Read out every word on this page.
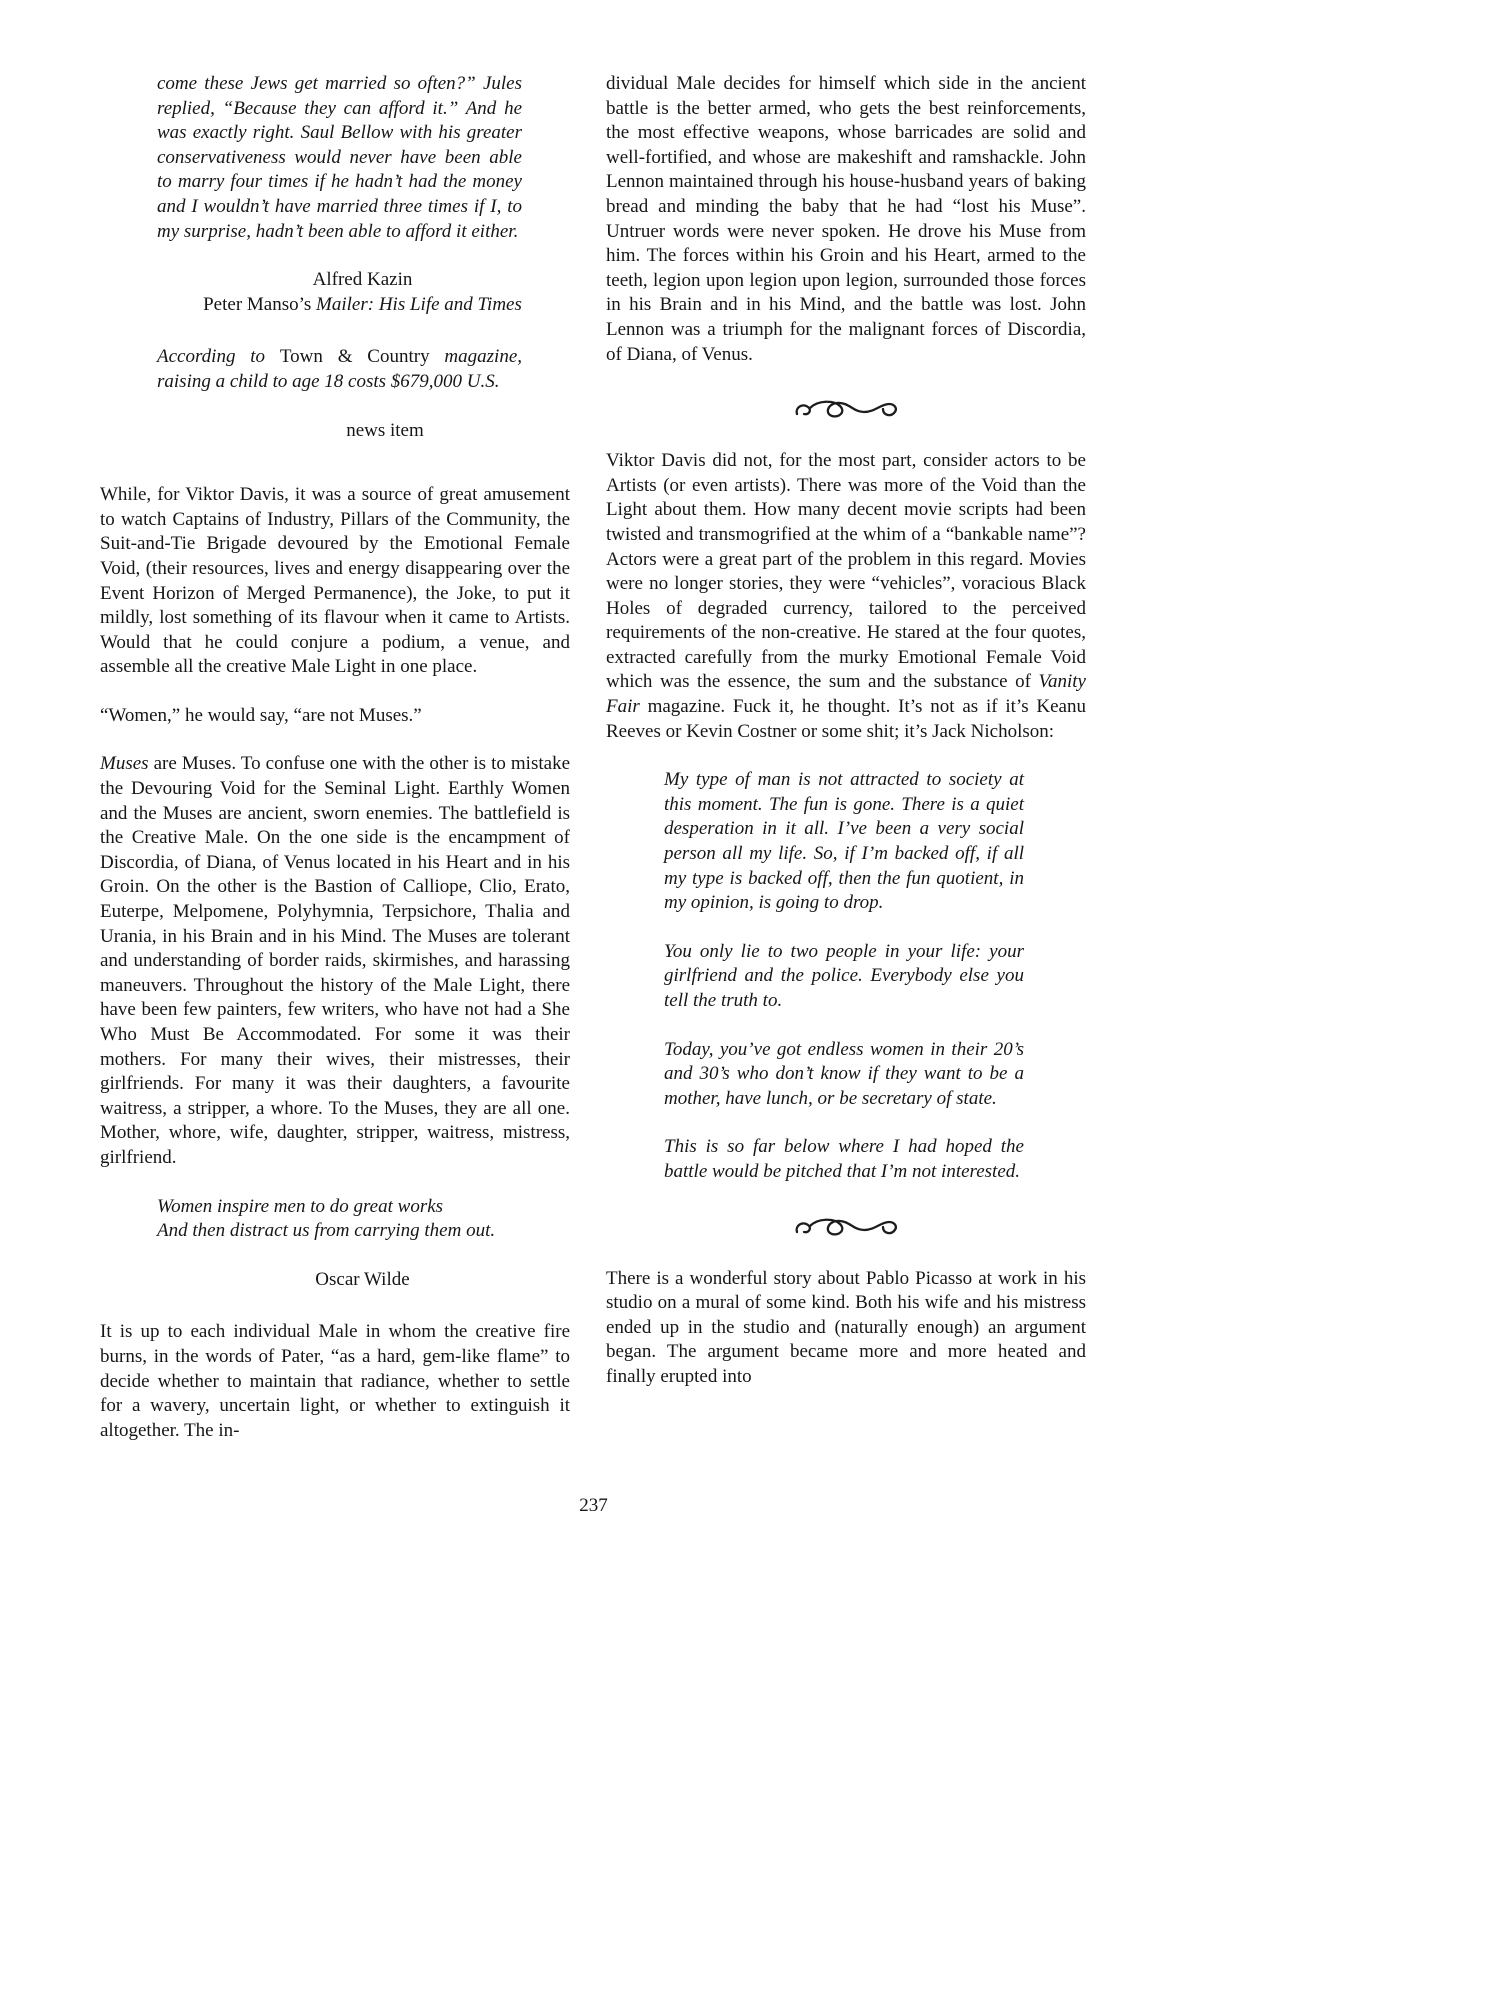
come these Jews get married so often?” Jules replied, “Because they can afford it.” And he was exactly right. Saul Bellow with his greater conservativeness would never have been able to marry four times if he hadn’t had the money and I wouldn’t have married three times if I, to my surprise, hadn’t been able to afford it either.
Alfred Kazin
Peter Manso’s Mailer: His Life and Times
According to Town & Country magazine, raising a child to age 18 costs $679,000 U.S.
news item

While, for Viktor Davis, it was a source of great amusement to watch Captains of Industry, Pillars of the Community, the Suit-and-Tie Brigade devoured by the Emotional Female Void, (their resources, lives and energy disappearing over the Event Horizon of Merged Permanence), the Joke, to put it mildly, lost something of its flavour when it came to Artists. Would that he could conjure a podium, a venue, and assemble all the creative Male Light in one place.

“Women,” he would say, “are not Muses.”

Muses are Muses. To confuse one with the other is to mistake the Devouring Void for the Seminal Light. Earthly Women and the Muses are ancient, sworn enemies. The battlefield is the Creative Male. On the one side is the encampment of Discordia, of Diana, of Venus located in his Heart and in his Groin. On the other is the Bastion of Calliope, Clio, Erato, Euterpe, Melpomene, Polyhymnia, Terpsichore, Thalia and Urania, in his Brain and in his Mind. The Muses are tolerant and understanding of border raids, skirmishes, and harassing maneuvers. Throughout the history of the Male Light, there have been few painters, few writers, who have not had a She Who Must Be Accommodated. For some it was their mothers. For many their wives, their mistresses, their girlfriends. For many it was their daughters, a favourite waitress, a stripper, a whore. To the Muses, they are all one. Mother, whore, wife, daughter, stripper, waitress, mistress, girlfriend.

Women inspire men to do great works
And then distract us from carrying them out.
Oscar Wilde

It is up to each individual Male in whom the creative fire burns, in the words of Pater, “as a hard, gem-like flame” to decide whether to maintain that radiance, whether to settle for a wavery, uncertain light, or whether to extinguish it altogether. The in-

dividual Male decides for himself which side in the ancient battle is the better armed, who gets the best reinforcements, the most effective weapons, whose barricades are solid and well-fortified, and whose are makeshift and ramshackle. John Lennon maintained through his house-husband years of baking bread and minding the baby that he had “lost his Muse”. Untruer words were never spoken. He drove his Muse from him. The forces within his Groin and his Heart, armed to the teeth, legion upon legion upon legion, surrounded those forces in his Brain and in his Mind, and the battle was lost. John Lennon was a triumph for the malignant forces of Discordia, of Diana, of Venus.

Viktor Davis did not, for the most part, consider actors to be Artists (or even artists). There was more of the Void than the Light about them. How many decent movie scripts had been twisted and transmogrified at the whim of a “bankable name”? Actors were a great part of the problem in this regard. Movies were no longer stories, they were “vehicles”, voracious Black Holes of degraded currency, tailored to the perceived requirements of the non-creative. He stared at the four quotes, extracted carefully from the murky Emotional Female Void which was the essence, the sum and the substance of Vanity Fair magazine. Fuck it, he thought. It’s not as if it’s Keanu Reeves or Kevin Costner or some shit; it’s Jack Nicholson:

My type of man is not attracted to society at this moment. The fun is gone. There is a quiet desperation in it all. I’ve been a very social person all my life. So, if I’m backed off, if all my type is backed off, then the fun quotient, in my opinion, is going to drop.
You only lie to two people in your life: your girlfriend and the police. Everybody else you tell the truth to.
Today, you’ve got endless women in their 20’s and 30’s who don’t know if they want to be a mother, have lunch, or be secretary of state.
This is so far below where I had hoped the battle would be pitched that I’m not interested.

There is a wonderful story about Pablo Picasso at work in his studio on a mural of some kind. Both his wife and his mistress ended up in the studio and (naturally enough) an argument began. The argument became more and more heated and finally erupted into

237
